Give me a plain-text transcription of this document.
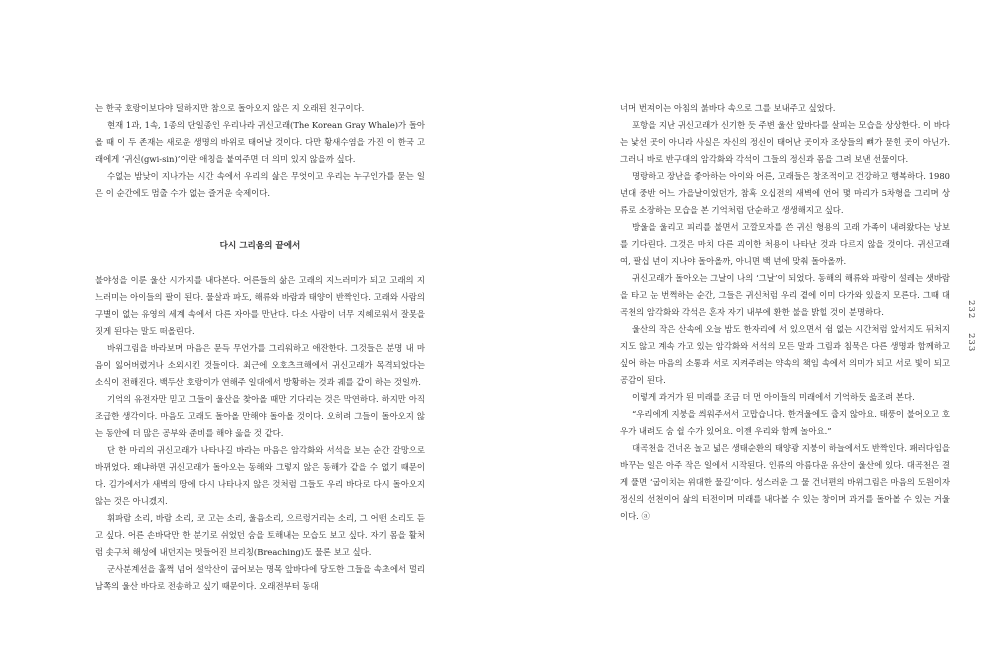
는 한국 호랑이보다야 덜하지만 참으로 돌아오지 않은 지 오래된 친구이다.

현재 1과, 1속, 1종의 단일종인 우리나라 귀신고래(The Korean Gray Whale)가 돌아올 때 이 두 존재는 새로운 생명의 바위로 태어날 것이다. 다만 황새수염을 가진 이 한국 고래에게 ‘귀신(gwi-sin)’이란 애칭을 붙여주면 더 의미 있지 않을까 싶다.

수없는 밤낮이 지나가는 시간 속에서 우리의 삶은 무엇이고 우리는 누구인가를 묻는 일은 이 순간에도 멈출 수가 없는 즐거운 숙제이다.

다시 그리움의 끝에서

불야성을 이룬 울산 시가지를 내다본다. 어른들의 삶은 고래의 지느러미가 되고 고래의 지느러미는 아이들의 팔이 된다. 물살과 파도, 해류와 바람과 태양이 반짝인다. 고래와 사람의 구별이 없는 유영의 세계 속에서 다른 자아를 만난다. 다소 사람이 너무 지혜로워서 잘못을 짓게 된다는 말도 떠올린다.

바위그림을 바라보며 마음은 문득 무언가를 그리워하고 애잔한다. 그것들은 분명 내 마음이 잃어버렸거나 소외시킨 것들이다. 최근에 오호츠크해에서 귀신고래가 목격되었다는 소식이 전해진다. 백두산 호랑이가 연해주 일대에서 방황하는 것과 궤를 같이 하는 것일까.

기억의 유전자만 믿고 그들이 울산을 찾아올 때만 기다리는 것은 막연하다. 하지만 아직 조급한 생각이다. 마음도 고래도 돌아올 만해야 돌아올 것이다. 오히려 그들이 돌아오지 않는 동안에 더 많은 공부와 준비를 해야 옳을 것 같다.

단 한 마리의 귀신고래가 나타나길 바라는 마음은 암각화와 서석을 보는 순간 갈망으로 바뀌었다. 왜냐하면 귀신고래가 돌아오는 동해와 그렇지 않은 동해가 같을 수 없기 때문이다. 김가에서가 새벽의 땅에 다시 나타나지 않은 것처럼 그들도 우리 바다로 다시 돌아오지 않는 것은 아니겠지.

휘파람 소리, 바람 소리, 코 고는 소리, 울음소리, 으르렁거리는 소리, 그 어떤 소리도 듣고 싶다. 어른 손바닥만 한 분기로 쉬었던 숨을 토해내는 모습도 보고 싶다. 자기 몸을 활처럼 솟구쳐 해성에 내던지는 멋들어진 브리칭(Breaching)도 물론 보고 싶다.

군사분계선을 훌쩍 넘어 설악산이 굽어보는 명목 앞바다에 당도한 그들을 속초에서 멀리 남쪽의 울산 바다로 전송하고 싶기 때문이다. 오래전부터 동대

너머 번져이는 아침의 붉바다 속으로 그를 보내주고 싶었다.

포항을 지난 귀신고래가 신기한 듯 주변 울산 앞바다를 살피는 모습을 상상한다. 이 바다는 낯선 곳이 아니라 사실은 자신의 정신이 태어난 곳이자 조상들의 뼈가 묻힌 곳이 아닌가. 그러니 바로 반구대의 암각화와 각석이 그들의 정신과 몸을 그려 보낸 선물이다.

명랑하고 장난을 좋아하는 아이와 어른, 고래들은 창조적이고 건강하고 행복하다. 1980년대 중반 어느 가을날이었던가, 참혹 오십전의 새벽에 언어 몇 마리가 5차형을 그리며 상류로 소장하는 모습을 본 기억처럼 단순하고 생생해지고 싶다.

방울을 울리고 피리를 불면서 고깔모자를 쓴 귀신 형용의 고래 가족이 내려왔다는 낭보를 기다린다. 그것은 마치 다른 괴이한 처용이 나타난 것과 다르지 않을 것이다. 귀신고래여, 팔십 년이 지나야 돌아올까, 아니면 백 년에 맞춰 돌아올까.

귀신고래가 돌아오는 그날이 나의 ‘그날’이 되었다. 동해의 해류와 파랑이 설레는 샛바람을 타고 눈 번쩍하는 순간, 그들은 귀신처럼 우리 곁에 이미 다가와 있을지 모른다. 그때 대곡천의 암각화와 각석은 혼자 자기 내부에 환한 불을 밝힐 것이 분명하다.

울산의 작은 산속에 오늘 밤도 한자리에 서 있으면서 쉼 없는 시간처럼 앞서지도 뒤처지지도 않고 계속 가고 있는 암각화와 서석의 모든 말과 그림과 침묵은 다른 생명과 함께하고 싶어 하는 마음의 소통과 서로 지켜주려는 약속의 책임 속에서 의미가 되고 서로 빛이 되고 공감이 된다.

이렇게 과거가 된 미래를 조금 더 먼 아이들의 미래에서 기억하듯 읊조려 본다.

“우리에게 지붕을 씌워주셔서 고맙습니다. 한겨울에도 춥지 않아요. 태풍이 불어오고 호우가 내려도 숨 쉴 수가 있어요. 이젠 우리와 함께 놀아요.”

대곡천을 건너온 놀고 넓은 생태순환의 태양광 지붕이 하늘에서도 반짝인다. 패러다임을 바꾸는 일은 아주 작은 일에서 시작된다. 인류의 아름다운 유산이 울산에 있다. 대곡천은 결게 풀면 ‘굽이치는 위대한 물길’이다. 성스러운 그 물 건너편의 바위그림은 마음의 도원이자 정신의 선천이어 삶의 터전이며 미래를 내다볼 수 있는 창이며 과거를 돌아볼 수 있는 거울이다. ⓐ

232
233
